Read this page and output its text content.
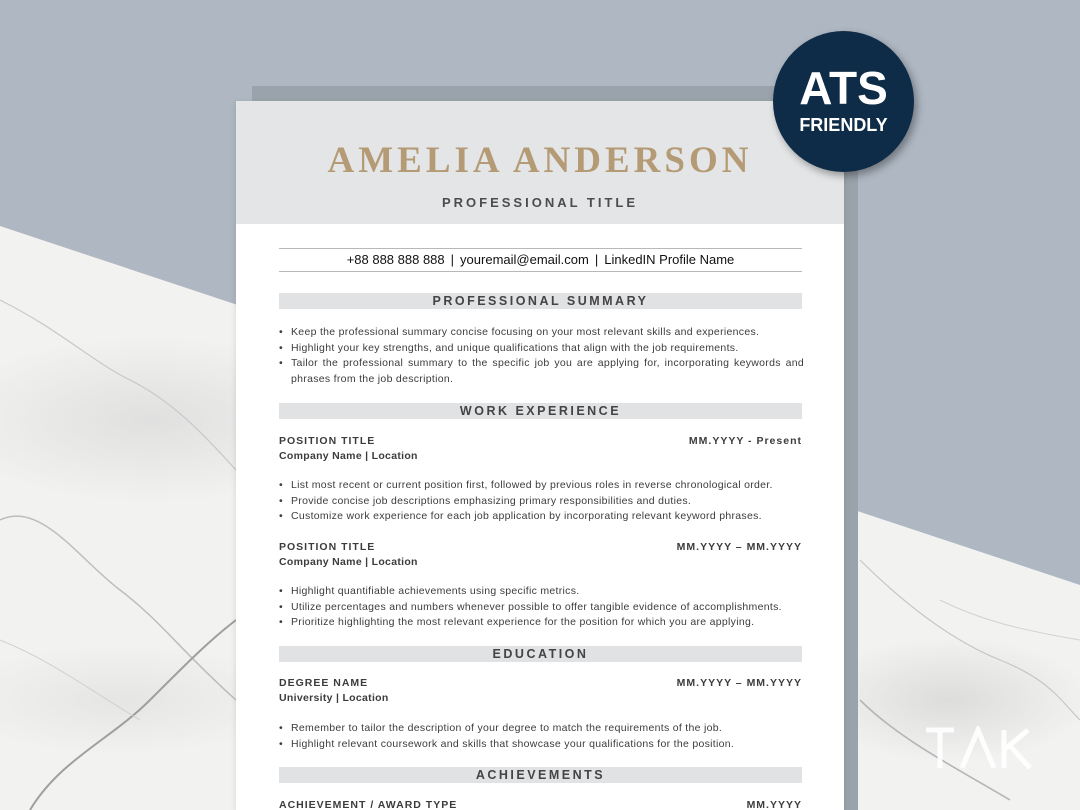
AMELIA ANDERSON
PROFESSIONAL TITLE
+88 888 888 888 | youremail@email.com | LinkedIN Profile Name
PROFESSIONAL SUMMARY
• Keep the professional summary concise focusing on your most relevant skills and experiences.
• Highlight your key strengths, and unique qualifications that align with the job requirements.
• Tailor the professional summary to the specific job you are applying for, incorporating keywords and phrases from the job description.
WORK EXPERIENCE
POSITION TITLE	MM.YYYY - Present
Company Name | Location
• List most recent or current position first, followed by previous roles in reverse chronological order.
• Provide concise job descriptions emphasizing primary responsibilities and duties.
• Customize work experience for each job application by incorporating relevant keyword phrases.
POSITION TITLE	MM.YYYY – MM.YYYY
Company Name | Location
• Highlight quantifiable achievements using specific metrics.
• Utilize percentages and numbers whenever possible to offer tangible evidence of accomplishments.
• Prioritize highlighting the most relevant experience for the position for which you are applying.
EDUCATION
DEGREE NAME	MM.YYYY – MM.YYYY
University | Location
• Remember to tailor the description of your degree to match the requirements of the job.
• Highlight relevant coursework and skills that showcase your qualifications for the position.
ACHIEVEMENTS
ACHIEVEMENT / AWARD TYPE	MM.YYYY
ATS
FRIENDLY
